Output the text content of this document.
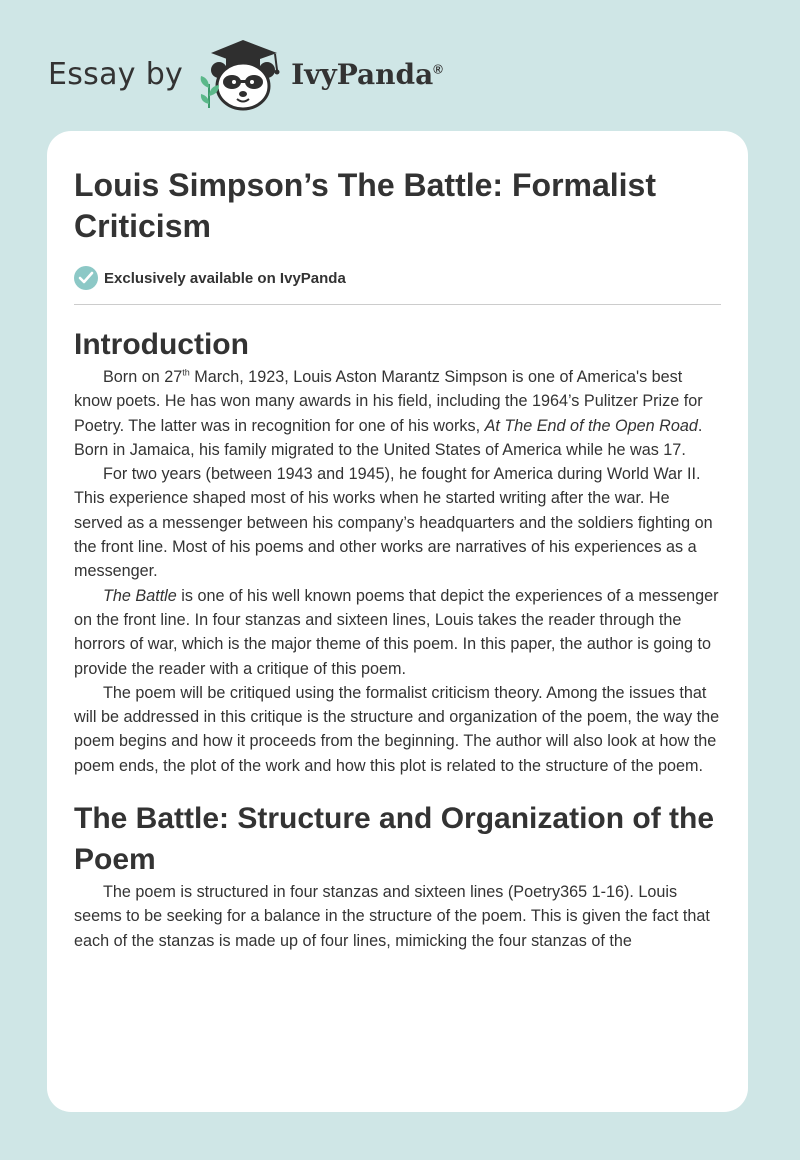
Essay by	IvyPanda®
Louis Simpson’s The Battle: Formalist
Criticism
Exclusively available on IvyPanda
Introduction

Born on 27th March, 1923, Louis Aston Marantz Simpson is one of America's best know poets. He has won many awards in his field, including the 1964’s Pulitzer Prize for Poetry. The latter was in recognition for one of his works, At The End of the Open Road. Born in Jamaica, his family migrated to the United States of America while he was 17.

For two years (between 1943 and 1945), he fought for America during World War II. This experience shaped most of his works when he started writing after the war. He served as a messenger between his company’s headquarters and the soldiers fighting on the front line. Most of his poems and other works are narratives of his experiences as a messenger.

The Battle is one of his well known poems that depict the experiences of a messenger on the front line. In four stanzas and sixteen lines, Louis takes the reader through the horrors of war, which is the major theme of this poem. In this paper, the author is going to provide the reader with a critique of this poem.

The poem will be critiqued using the formalist criticism theory. Among the issues that will be addressed in this critique is the structure and organization of the poem, the way the poem begins and how it proceeds from the beginning. The author will also look at how the poem ends, the plot of the work and how this plot is related to the structure of the poem.

The Battle: Structure and Organization of the Poem

The poem is structured in four stanzas and sixteen lines (Poetry365 1-16). Louis seems to be seeking for a balance in the structure of the poem. This is given the fact that each of the stanzas is made up of four lines, mimicking the four stanzas of the
